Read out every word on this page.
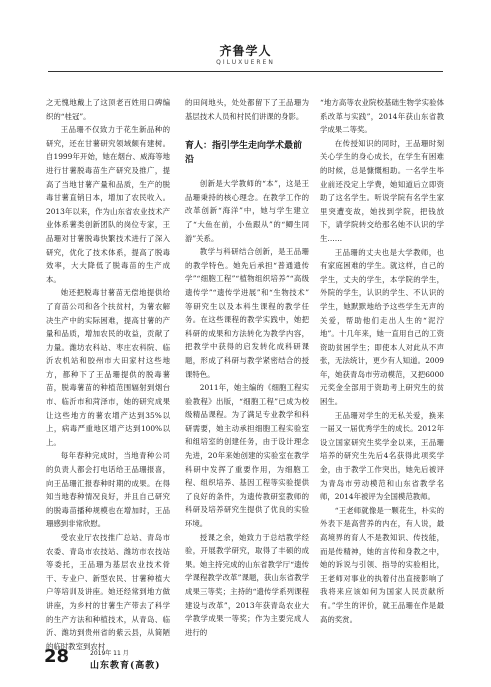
齐鲁学人
QILUXUEREN

之无愧地戴上了这顶老百姓用口碑编织的“桂冠”。

王品珊不仅致力于花生新品种的研究，还在甘薯研究领域颇有建树。自1999年开始，她在烟台、威海等地进行甘薯脱毒苗生产研究及推广，提高了当地甘薯产量和品质，生产的脱毒甘薯直销日本，增加了农民收入。2013年以来，作为山东省农业技术产业体系薯类创新团队的岗位专家，王品珊对甘薯脱毒快繁技术进行了深入研究，优化了技术体系，提高了脱毒效率，大大降低了脱毒苗的生产成本。

她还把脱毒甘薯苗无偿地提供给了育苗公司和各个扶贫村，为薯农解决生产中的实际困难，提高甘薯的产量和品质，增加农民的收益，贡献了力量。潍坊农科站、枣庄农科院、临沂农机站和胶州市大田家村这些地方，都种下了王品珊提供的脱毒薯苗，脱毒薯苗的种植范围辐射到烟台市、临沂市和菏泽市，她的研究成果让这些地方的薯农增产达到35%以上，病毒严重地区增产达到100%以上。

每年春种完成时，当地青种公司的负责人都会打电话给王品珊报喜，向王品珊汇报春种时期的成果。在得知当地春种情况良好，并且自己研究的脱毒苗播种规模也在增加时，王品珊感到非常欣慰。

受农业厅农技推广总站、青岛市农委、青岛市农技站、潍坊市农技站等委托，王品珊为基层农业技术骨干、专业户、新型农民、甘薯种植大户等培训及讲座。她还经常到地方做讲座，为乡村的甘薯生产带去了科学的生产方法和种植技术，从青岛、临沂、潍坊到贵州省的紫云县，从简陋的临时教室到农村

的田间地头，处处都留下了王品珊为基层技术人员和村民们讲课的身影。

育人：指引学生走向学术最前沿

创新是大学教师的“本”，这是王品珊秉持的核心理念。在教学工作的改革创新“海洋”中，她与学生建立了“大鱼在前，小鱼跟从”的“鲫生同游”关系。

教学与科研结合创新，是王品珊的教学特色。她先后承担“普通遗传学”“细胞工程”“植物组织培养”“高级遗传学”“遗传学进展”和“生物技术” 等研究生以及本科生课程的教学任务。在这些课程的教学实践中，她把科研的成果和方法转化为教学内容，把教学中获得的启发转化成科研课题，形成了科研与教学紧密结合的授课特色。

2011年，她主编的《细胞工程实验教程》出版，“细胞工程”已成为校级精品课程。为了满足专业教学和科研需要，她主动承担细胞工程实验室和组培室的创建任务，由于设计理念先进，20年来她创建的实验室在教学科研中发挥了重要作用，为细胞工程、组织培养、基因工程等实验提供了良好的条件，为遗传教研室教师的科研及培养研究生提供了优良的实验环境。

授课之余，她致力于总结教学经验，开展教学研究，取得了丰硕的成果。她主持完成的山东省教学厅“遗传学课程教学改革”课题，获山东省教学成果三等奖；主持的“遗传学系列课程建设与改革”，2013年获青岛农业大学教学成果一等奖；作为主要完成人进行的

“地方高等农业院校基础生物学实验体系改革与实践”，2014年获山东省教学成果二等奖。

在传授知识的同时，王品珊时刻关心学生的身心成长，在学生有困难的时候，总是慷慨相助。一名学生毕业前还没定上学费，她知道后立即资助了这名学生。听说学院有名学生家里突遭变故，她找到学院，把钱放下，请学院转交给那名她不认识的学生……

王品珊的丈夫也是大学教师，也有家庭困难的学生。就这样，自己的学生，丈夫的学生，本学院的学生，外院的学生，认识的学生、不认识的学生，她默默地给予这些学生无声的关爱，帮助他们走出人生的“泥泞地”。十几年来，她一直用自己的工资资助贫困学生；即使本人对此从不声张，无法统计，更少有人知道。2009年，她获青岛市劳动模范，又把6000元奖金全部用于资助考上研究生的贫困生。

王品珊对学生的无私关爱，换来一届又一届优秀学生的成长。2012年设立国家研究生奖学金以来，王品珊培养的研究生先后4名获得此项奖学金，由于教学工作突出，她先后被评为青岛市劳动模范和山东省教学名师，2014年被评为全国模范教师。

“王老师就像是一颗花生，朴实的外表下是高营养的内在，有人说，最高境界的育人不是教知识、传技能，而是传精神，她的言传和身教之中，她的诉说与引领、指导的实验相比，王老师对事业的执着付出直接影响了我将来应该如何为国家人民贡献所有。”学生的评价，就王品珊在作是最高的奖赏。

28	2019年 11 月
山东教育(高教)
